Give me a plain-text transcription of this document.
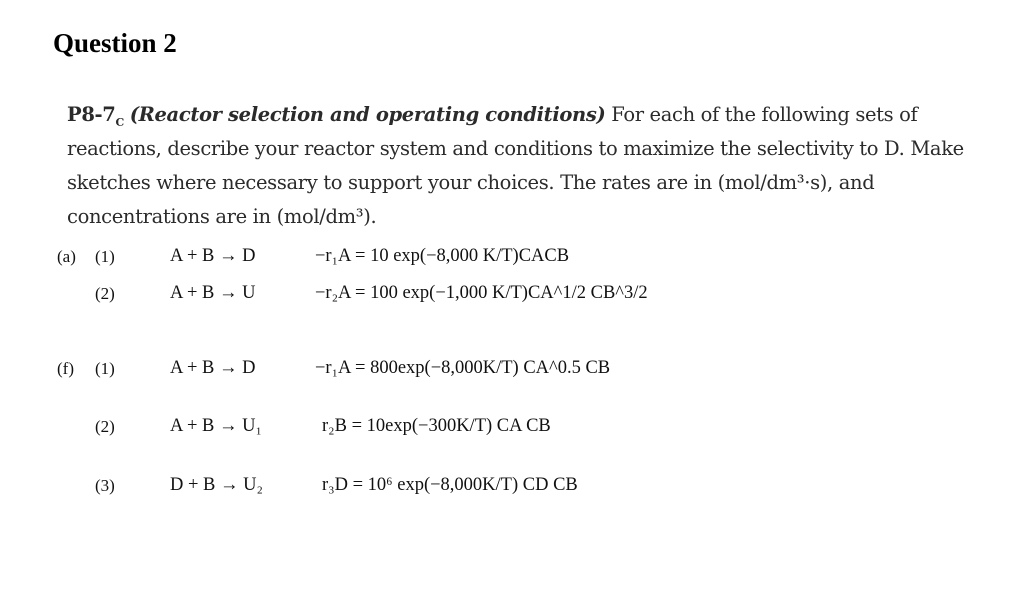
Question 2
$P8-7_C$ (Reactor selection and operating conditions) For each of the following sets of reactions, describe your reactor system and conditions to maximize the selectivity to D. Make sketches where necessary to support your choices. The rates are in (mol/dm³·s), and concentrations are in (mol/dm³).
(a) (1)	A + B → D	−r₁A = 10 exp(−8,000 K/T)CACB
(2)	A + B → U	−r₂A = 100 exp(−1,000 K/T)CA^1/2 CB^3/2
(f) (1)	A + B → D	−r₁A = 800exp(−8,000K/T) CA^0.5 CB
(2)	A + B → U₁	r₂B = 10exp(−300K/T) CA CB
(3)	D + B → U₂	r₃D = 10⁶ exp(−8,000K/T) CD CB
